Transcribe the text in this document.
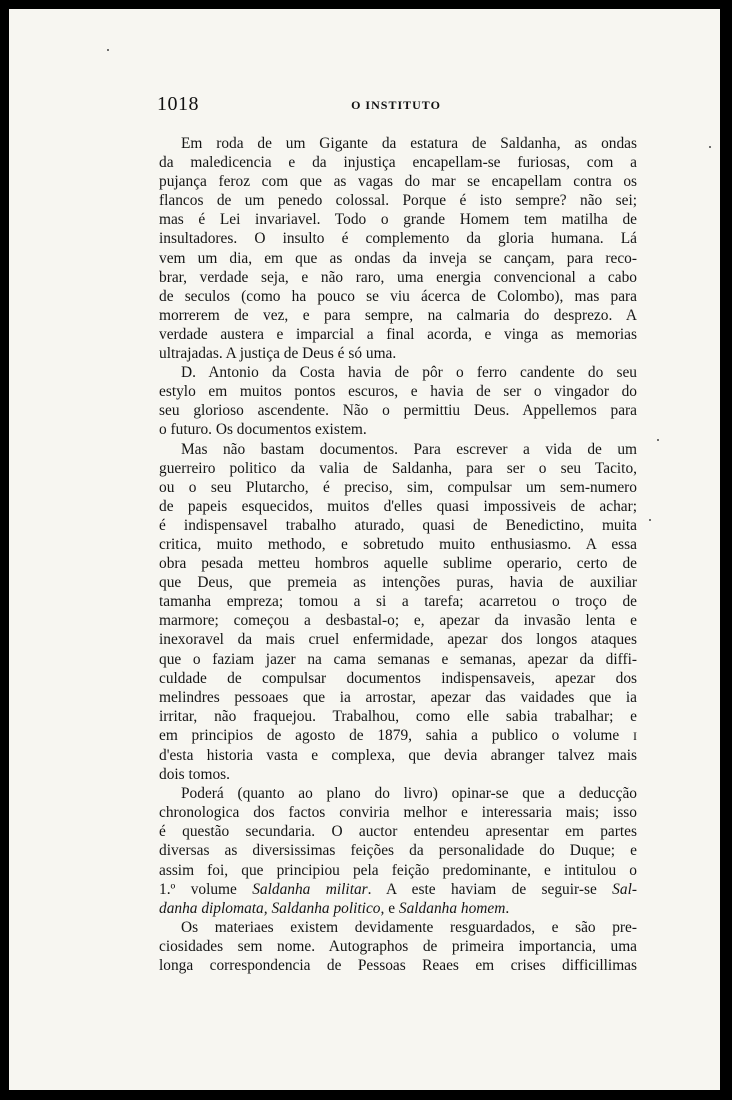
1018	O INSTITUTO
Em roda de um Gigante da estatura de Saldanha, as ondas
da maledicencia e da injustiça encapellam-se furiosas, com a
pujança feroz com que as vagas do mar se encapellam contra os
flancos de um penedo colossal. Porque é isto sempre? não sei;
mas é Lei invariavel. Todo o grande Homem tem matilha de
insultadores. O insulto é complemento da gloria humana. Lá
vem um dia, em que as ondas da inveja se cançam, para reco-
brar, verdade seja, e não raro, uma energia convencional a cabo
de seculos (como ha pouco se viu ácerca de Colombo), mas para
morrerem de vez, e para sempre, na calmaria do desprezo. A
verdade austera e imparcial a final acorda, e vinga as memorias
ultrajadas. A justiça de Deus é só uma.
D. Antonio da Costa havia de pôr o ferro candente do seu
estylo em muitos pontos escuros, e havia de ser o vingador do
seu glorioso ascendente. Não o permittiu Deus. Appellemos para
o futuro. Os documentos existem.
Mas não bastam documentos. Para escrever a vida de um
guerreiro politico da valia de Saldanha, para ser o seu Tacito,
ou o seu Plutarcho, é preciso, sim, compulsar um sem-numero
de papeis esquecidos, muitos d'elles quasi impossiveis de achar;
é indispensavel trabalho aturado, quasi de Benedictino, muita
critica, muito methodo, e sobretudo muito enthusiasmo. A essa
obra pesada metteu hombros aquelle sublime operario, certo de
que Deus, que premeia as intenções puras, havia de auxiliar
tamanha empreza; tomou a si a tarefa; acarretou o troço de
marmore; começou a desbastal-o; e, apezar da invasão lenta e
inexoravel da mais cruel enfermidade, apezar dos longos ataques
que o faziam jazer na cama semanas e semanas, apezar da diffi-
culdade de compulsar documentos indispensaveis, apezar dos
melindres pessoaes que ia arrostar, apezar das vaidades que ia
irritar, não fraquejou. Trabalhou, como elle sabia trabalhar; e
em principios de agosto de 1879, sahia a publico o volume I
d'esta historia vasta e complexa, que devia abranger talvez mais
dois tomos.
Poderá (quanto ao plano do livro) opinar-se que a deducção
chronologica dos factos conviria melhor e interessaria mais; isso
é questão secundaria. O auctor entendeu apresentar em partes
diversas as diversissimas feições da personalidade do Duque; e
assim foi, que principiou pela feição predominante, e intitulou o
1.º volume Saldanha militar. A este haviam de seguir-se Sal-
danha diplomata, Saldanha politico, e Saldanha homem.
Os materiaes existem devidamente resguardados, e são pre-
ciosidades sem nome. Autographos de primeira importancia, uma
longa correspondencia de Pessoas Reaes em crises difficillimas
